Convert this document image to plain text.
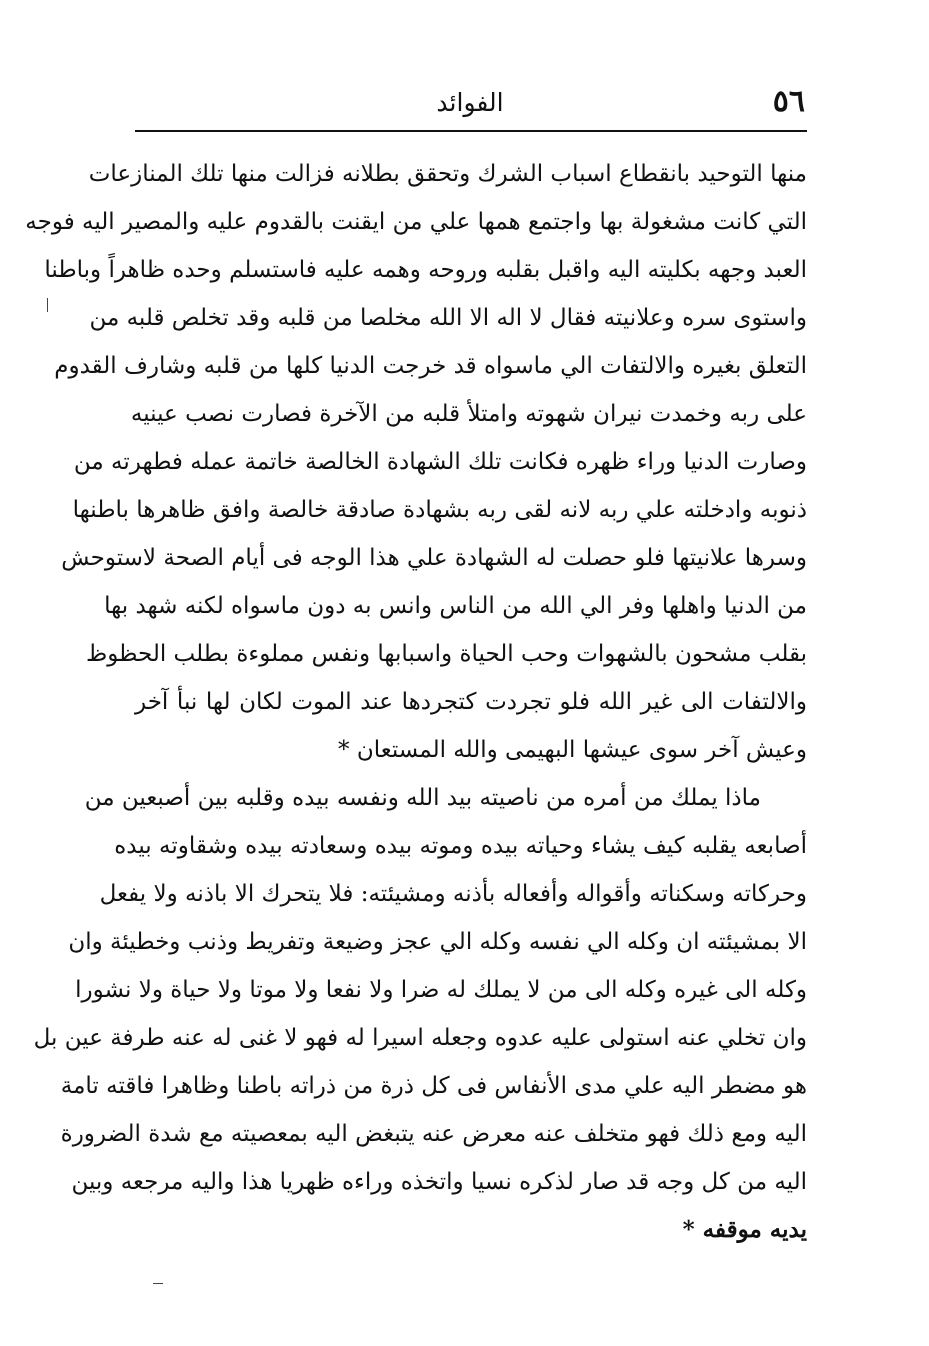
٥٦
الفوائد
منها التوحيد بانقطاع اسباب الشرك وتحقق بطلانه فزالت منها تلك المنازعات
التي كانت مشغولة بها واجتمع همها علي من ايقنت بالقدوم عليه والمصير اليه فوجه
العبد وجهه بكليته اليه واقبل بقلبه وروحه وهمه عليه فاستسلم وحده ظاهراً وباطنا
واستوى سره وعلانيته فقال لا اله الا الله مخلصا من قلبه وقد تخلص قلبه من
التعلق بغيره والالتفات الي ماسواه قد خرجت الدنيا كلها من قلبه وشارف القدوم
على ربه وخمدت نيران شهوته وامتلأ قلبه من الآخرة فصارت نصب عينيه
وصارت الدنيا وراء ظهره فكانت تلك الشهادة الخالصة خاتمة عمله فطهرته من
ذنوبه وادخلته علي ربه لانه لقى ربه بشهادة صادقة خالصة وافق ظاهرها باطنها
وسرها علانيتها فلو حصلت له الشهادة علي هذا الوجه فى أيام الصحة لاستوحش
من الدنيا واهلها وفر الي الله من الناس وانس به دون ماسواه لكنه شهد بها
بقلب مشحون بالشهوات وحب الحياة واسبابها ونفس مملوءة بطلب الحظوظ
والالتفات الى غير الله فلو تجردت كتجردها عند الموت لكان لها نبأ آخر
وعيش آخر سوى عيشها البهيمى والله المستعان *
ماذا يملك من أمره من ناصيته بيد الله ونفسه بيده وقلبه بين أصبعين من
أصابعه يقلبه كيف يشاء وحياته بيده وموته بيده وسعادته بيده وشقاوته بيده
وحركاته وسكناته وأقواله وأفعاله بأذنه ومشيئته: فلا يتحرك الا باذنه ولا يفعل
الا بمشيئته ان وكله الي نفسه وكله الي عجز وضيعة وتفريط وذنب وخطيئة وان
وكله الى غيره وكله الى من لا يملك له ضرا ولا نفعا ولا موتا ولا حياة ولا نشورا
وان تخلي عنه استولى عليه عدوه وجعله اسيرا له فهو لا غنى له عنه طرفة عين بل
هو مضطر اليه علي مدى الأنفاس فى كل ذرة من ذراته باطنا وظاهرا فاقته تامة
اليه ومع ذلك فهو متخلف عنه معرض عنه يتبغض اليه بمعصيته مع شدة الضرورة
اليه من كل وجه قد صار لذكره نسيا واتخذه وراءه ظهريا هذا واليه مرجعه وبين
يديه موقفه *
